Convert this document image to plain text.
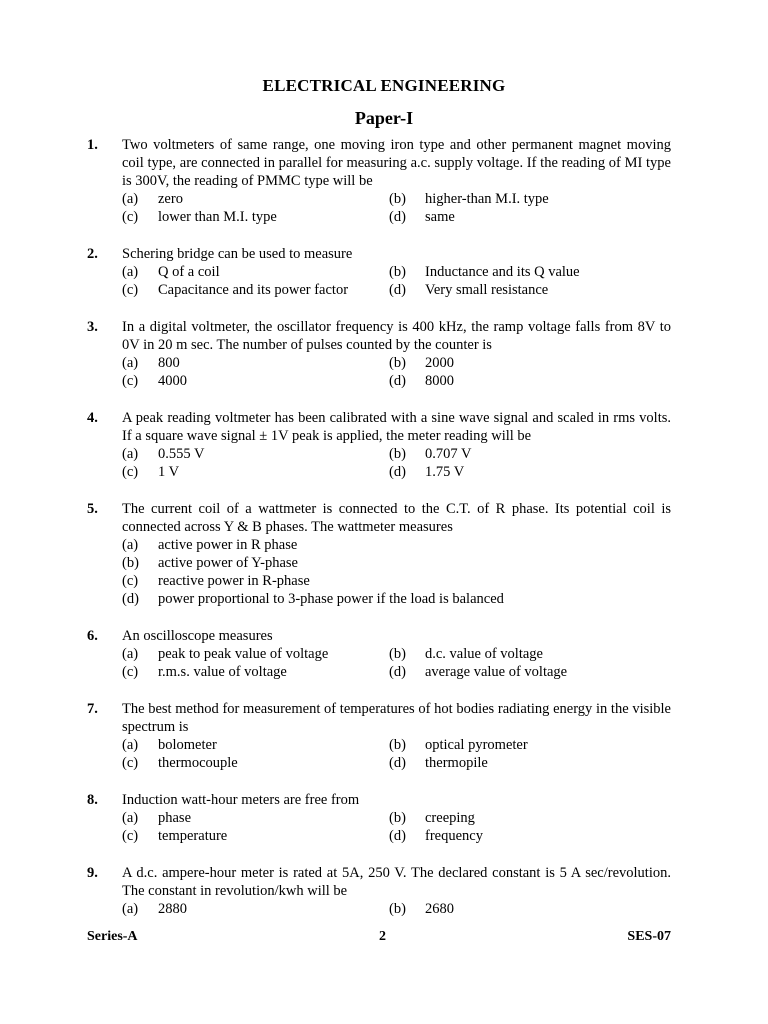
ELECTRICAL ENGINEERING
Paper-I
1. Two voltmeters of same range, one moving iron type and other permanent magnet moving coil type, are connected in parallel for measuring a.c. supply voltage. If the reading of MI type is 300V, the reading of PMMC type will be
(a)	zero	(b)	higher-than M.I. type
(c)	lower than M.I. type	(d)	same
2. Schering bridge can be used to measure
(a)	Q of a coil	(b)	Inductance and its Q value
(c)	Capacitance and its power factor	(d)	Very small resistance
3. In a digital voltmeter, the oscillator frequency is 400 kHz, the ramp voltage falls from 8V to 0V in 20 m sec. The number of pulses counted by the counter is
(a)	800	(b)	2000
(c)	4000	(d)	8000
4. A peak reading voltmeter has been calibrated with a sine wave signal and scaled in rms volts. If a square wave signal ± 1V peak is applied, the meter reading will be
(a)	0.555 V	(b)	0.707 V
(c)	1 V	(d)	1.75 V
5. The current coil of a wattmeter is connected to the C.T. of R phase. Its potential coil is connected across Y & B phases. The wattmeter measures
(a)	active power in R phase
(b)	active power of Y-phase
(c)	reactive power in R-phase
(d)	power proportional to 3-phase power if the load is balanced
6. An oscilloscope measures
(a)	peak to peak value of voltage	(b)	d.c. value of voltage
(c)	r.m.s. value of voltage	(d)	average value of voltage
7. The best method for measurement of temperatures of hot bodies radiating energy in the visible spectrum is
(a)	bolometer	(b)	optical pyrometer
(c)	thermocouple	(d)	thermopile
8. Induction watt-hour meters are free from
(a)	phase	(b)	creeping
(c)	temperature	(d)	frequency
9. A d.c. ampere-hour meter is rated at 5A, 250 V. The declared constant is 5 A sec/revolution. The constant in revolution/kwh will be
(a)	2880	(b)	2680
Series-A	2	SES-07
